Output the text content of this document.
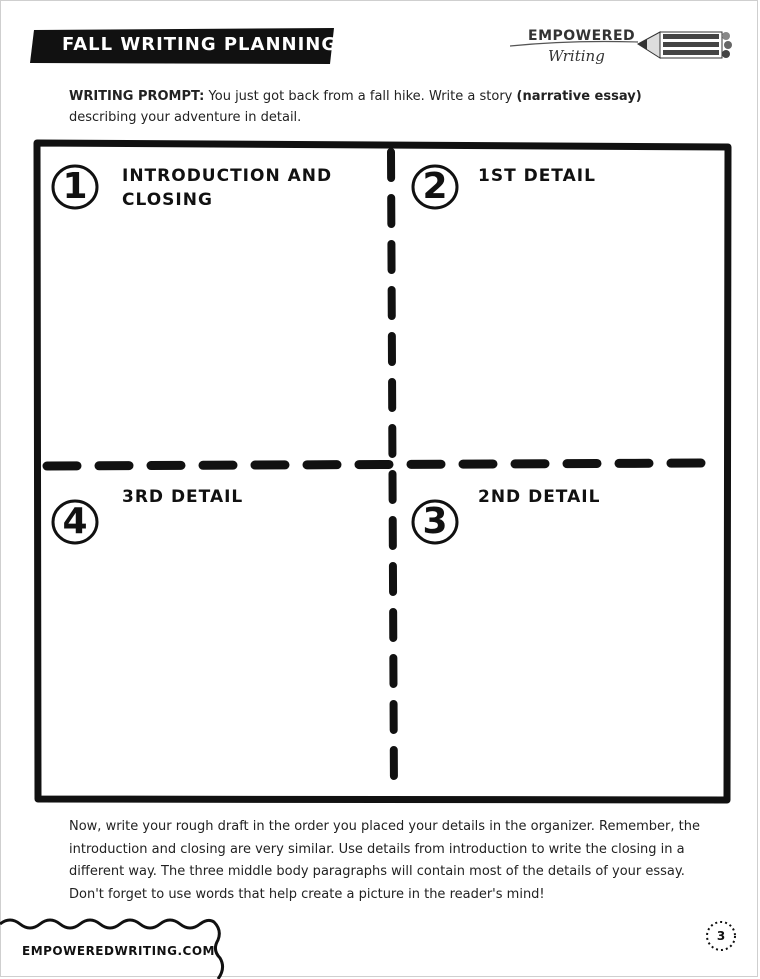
FALL WRITING PLANNING	EMPOWERED
Writing
WRITING PROMPT: You just got back from a fall hike. Write a story (narrative essay)
describing your adventure in detail.
1	INTRODUCTION AND
CLOSING	2	1ST DETAIL
4
3RD DETAIL
3
2ND DETAIL
Now, write your rough draft in the order you placed your details in the organizer. Remember, the introduction and closing are very similar. Use details from introduction to write the closing in a different way. The three middle body paragraphs will contain most of the details of your essay. Don't forget to use words that help create a picture in the reader's mind!
EMPOWEREDWRITING.COM
3
